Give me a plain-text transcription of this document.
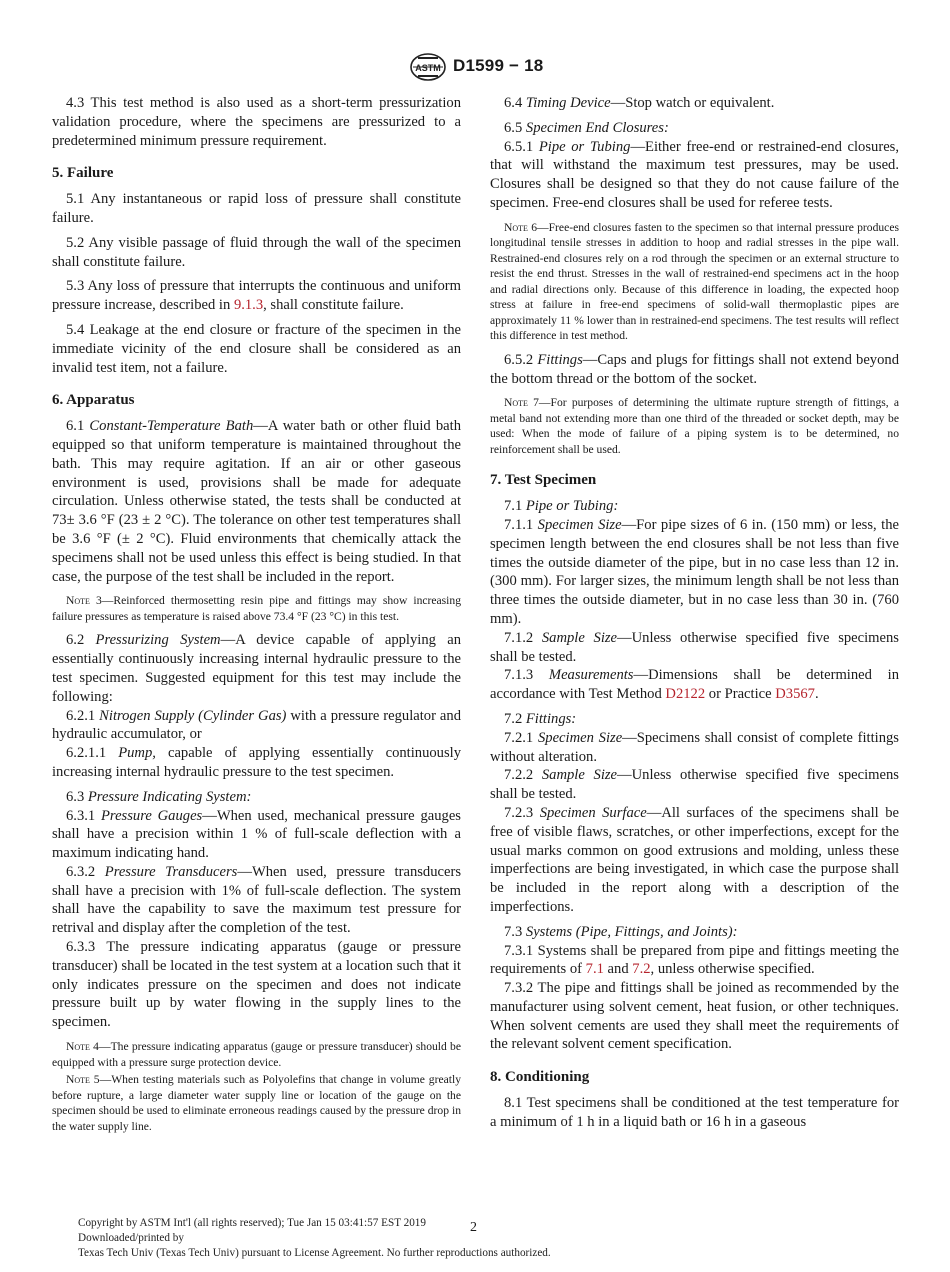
ASTM D1599 − 18

4.3 This test method is also used as a short-term pressurization validation procedure, where the specimens are pressurized to a predetermined minimum pressure requirement.

5. Failure

5.1 Any instantaneous or rapid loss of pressure shall constitute failure.

5.2 Any visible passage of fluid through the wall of the specimen shall constitute failure.

5.3 Any loss of pressure that interrupts the continuous and uniform pressure increase, described in 9.1.3, shall constitute failure.

5.4 Leakage at the end closure or fracture of the specimen in the immediate vicinity of the end closure shall be considered as an invalid test item, not a failure.

6. Apparatus

6.1 Constant-Temperature Bath—A water bath or other fluid bath equipped so that uniform temperature is maintained throughout the bath. This may require agitation. If an air or other gaseous environment is used, provisions shall be made for adequate circulation. Unless otherwise stated, the tests shall be conducted at 73± 3.6 °F (23 ± 2 °C). The tolerance on other test temperatures shall be 3.6 °F (± 2 °C). Fluid environments that chemically attack the specimens shall not be used unless this effect is being studied. In that case, the purpose of the test shall be included in the report.

Note 3—Reinforced thermosetting resin pipe and fittings may show increasing failure pressures as temperature is raised above 73.4 °F (23 °C) in this test.

6.2 Pressurizing System—A device capable of applying an essentially continuously increasing internal hydraulic pressure to the test specimen. Suggested equipment for this test may include the following:

6.2.1 Nitrogen Supply (Cylinder Gas) with a pressure regulator and hydraulic accumulator, or

6.2.1.1 Pump, capable of applying essentially continuously increasing internal hydraulic pressure to the test specimen.

6.3 Pressure Indicating System:

6.3.1 Pressure Gauges—When used, mechanical pressure gauges shall have a precision within 1 % of full-scale deflection with a maximum indicating hand.

6.3.2 Pressure Transducers—When used, pressure transducers shall have a precision with 1% of full-scale deflection. The system shall have the capability to save the maximum test pressure for retrival and display after the completion of the test.

6.3.3 The pressure indicating apparatus (gauge or pressure transducer) shall be located in the test system at a location such that it only indicates pressure on the specimen and does not indicate pressure built up by water flowing in the supply lines to the specimen.

Note 4—The pressure indicating apparatus (gauge or pressure transducer) should be equipped with a pressure surge protection device.
Note 5—When testing materials such as Polyolefins that change in volume greatly before rupture, a large diameter water supply line or location of the gauge on the specimen should be used to eliminate erroneous readings caused by the pressure drop in the water supply line.

6.4 Timing Device—Stop watch or equivalent.

6.5 Specimen End Closures:

6.5.1 Pipe or Tubing—Either free-end or restrained-end closures, that will withstand the maximum test pressures, may be used. Closures shall be designed so that they do not cause failure of the specimen. Free-end closures shall be used for referee tests.

Note 6—Free-end closures fasten to the specimen so that internal pressure produces longitudinal tensile stresses in addition to hoop and radial stresses in the pipe wall. Restrained-end closures rely on a rod through the specimen or an external structure to resist the end thrust. Stresses in the wall of restrained-end specimens act in the hoop and radial directions only. Because of this difference in loading, the expected hoop stress at failure in free-end specimens of solid-wall thermoplastic pipes are approximately 11 % lower than in restrained-end specimens. The test results will reflect this difference in test method.

6.5.2 Fittings—Caps and plugs for fittings shall not extend beyond the bottom thread or the bottom of the socket.

Note 7—For purposes of determining the ultimate rupture strength of fittings, a metal band not extending more than one third of the threaded or socket depth, may be used: When the mode of failure of a piping system is to be determined, no reinforcement shall be used.
7. Test Specimen

7.1 Pipe or Tubing:

7.1.1 Specimen Size—For pipe sizes of 6 in. (150 mm) or less, the specimen length between the end closures shall be not less than five times the outside diameter of the pipe, but in no case less than 12 in. (300 mm). For larger sizes, the minimum length shall be not less than three times the outside diameter, but in no case less than 30 in. (760 mm).

7.1.2 Sample Size—Unless otherwise specified five specimens shall be tested.

7.1.3 Measurements—Dimensions shall be determined in accordance with Test Method D2122 or Practice D3567.

7.2 Fittings:

7.2.1 Specimen Size—Specimens shall consist of complete fittings without alteration.

7.2.2 Sample Size—Unless otherwise specified five specimens shall be tested.

7.2.3 Specimen Surface—All surfaces of the specimens shall be free of visible flaws, scratches, or other imperfections, except for the usual marks common on good extrusions and molding, unless these imperfections are being investigated, in which case the purpose shall be included in the report along with a description of the imperfections.

7.3 Systems (Pipe, Fittings, and Joints):

7.3.1 Systems shall be prepared from pipe and fittings meeting the requirements of 7.1 and 7.2, unless otherwise specified.

7.3.2 The pipe and fittings shall be joined as recommended by the manufacturer using solvent cement, heat fusion, or other techniques. When solvent cements are used they shall meet the requirements of the relevant solvent cement specification.

8. Conditioning

8.1 Test specimens shall be conditioned at the test temperature for a minimum of 1 h in a liquid bath or 16 h in a gaseous

Copyright by ASTM Int'l (all rights reserved); Tue Jan 15 03:41:57 EST 2019
Downloaded/printed by
Texas Tech Univ (Texas Tech Univ) pursuant to License Agreement. No further reproductions authorized.
2
